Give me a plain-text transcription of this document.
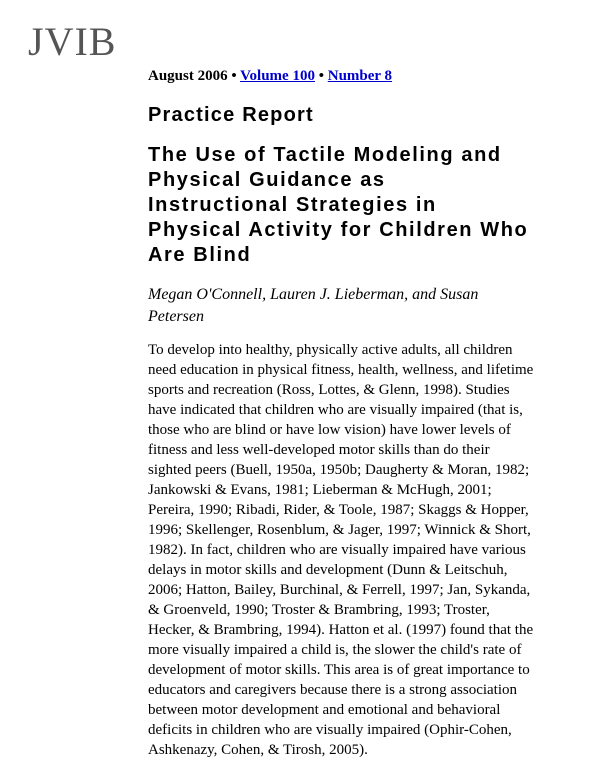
JVIB
August 2006 • Volume 100 • Number 8
Practice Report
The Use of Tactile Modeling and
Physical Guidance as
Instructional Strategies in
Physical Activity for Children Who
Are Blind
Megan O'Connell, Lauren J. Lieberman, and Susan
Petersen
To develop into healthy, physically active adults, all children
need education in physical fitness, health, wellness, and lifetime
sports and recreation (Ross, Lottes, & Glenn, 1998). Studies
have indicated that children who are visually impaired (that is,
those who are blind or have low vision) have lower levels of
fitness and less well-developed motor skills than do their
sighted peers (Buell, 1950a, 1950b; Daugherty & Moran, 1982;
Jankowski & Evans, 1981; Lieberman & McHugh, 2001;
Pereira, 1990; Ribadi, Rider, & Toole, 1987; Skaggs & Hopper,
1996; Skellenger, Rosenblum, & Jager, 1997; Winnick & Short,
1982). In fact, children who are visually impaired have various
delays in motor skills and development (Dunn & Leitschuh,
2006; Hatton, Bailey, Burchinal, & Ferrell, 1997; Jan, Sykanda,
& Groenveld, 1990; Troster & Brambring, 1993; Troster,
Hecker, & Brambring, 1994). Hatton et al. (1997) found that the
more visually impaired a child is, the slower the child's rate of
development of motor skills. This area is of great importance to
educators and caregivers because there is a strong association
between motor development and emotional and behavioral
deficits in children who are visually impaired (Ophir-Cohen,
Ashkenazy, Cohen, & Tirosh, 2005).
